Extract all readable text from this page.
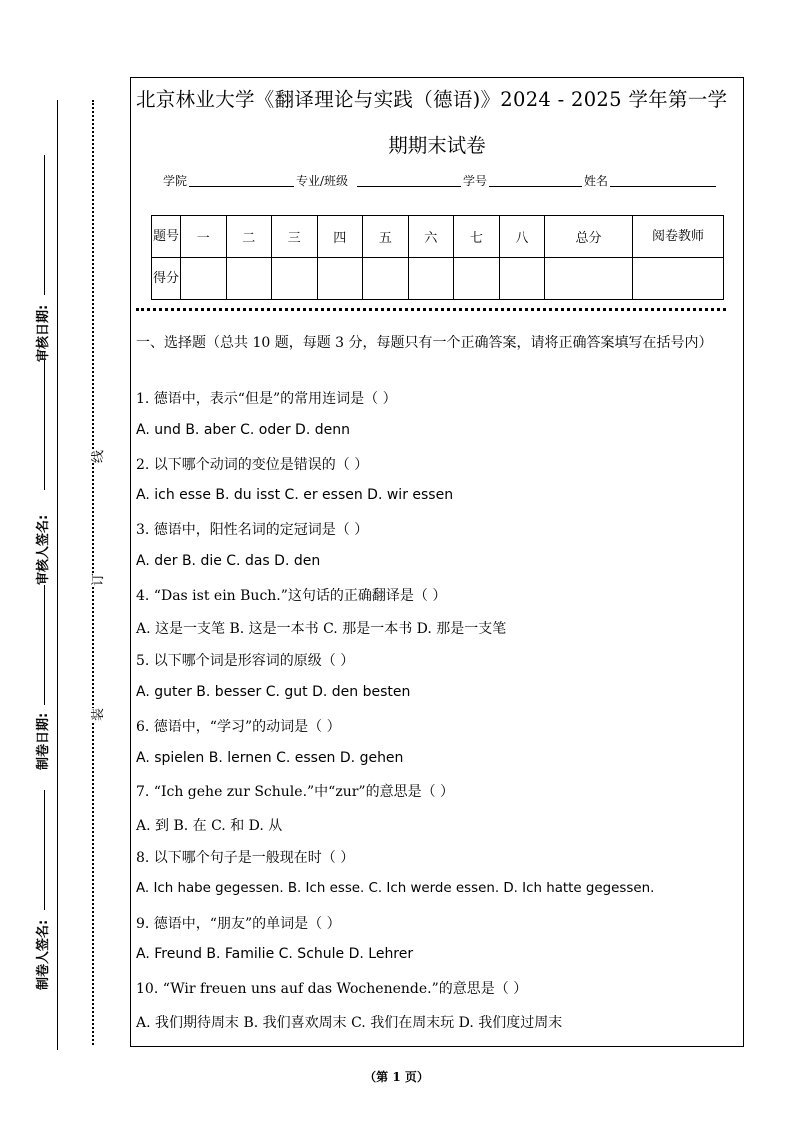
审核日期:
审核人签名:
制卷日期:
制卷人签名:
线
订
装
北京林业大学《翻译理论与实践（德语)》2024 - 2025 学年第一学
期期末试卷
学院	专业/班级	学号	姓名
题号	一	二	三	四	五	六	七	八	总分	阅卷教师
得分										
一、选择题（总共 10 题，每题 3 分，每题只有一个正确答案，请将正确答案填写在括号内）
1. 德语中，表示“但是”的常用连词是（ ）
A. und B. aber C. oder D. denn
2. 以下哪个动词的变位是错误的（ ）
A. ich esse B. du isst C. er essen D. wir essen
3. 德语中，阳性名词的定冠词是（ ）
A. der B. die C. das D. den
4. “Das ist ein Buch.”这句话的正确翻译是（ ）
A. 这是一支笔 B. 这是一本书 C. 那是一本书 D. 那是一支笔
5. 以下哪个词是形容词的原级（ ）
A. guter B. besser C. gut D. den besten
6. 德语中，“学习”的动词是（ ）
A. spielen B. lernen C. essen D. gehen
7. “Ich gehe zur Schule.”中“zur”的意思是（ ）
A. 到 B. 在 C. 和 D. 从
8. 以下哪个句子是一般现在时（ ）
A. Ich habe gegessen. B. Ich esse. C. Ich werde essen. D. Ich hatte gegessen.
9. 德语中，“朋友”的单词是（ ）
A. Freund B. Familie C. Schule D. Lehrer
10. “Wir freuen uns auf das Wochenende.”的意思是（ ）
A. 我们期待周末 B. 我们喜欢周末 C. 我们在周末玩 D. 我们度过周末
（第 1 页）
